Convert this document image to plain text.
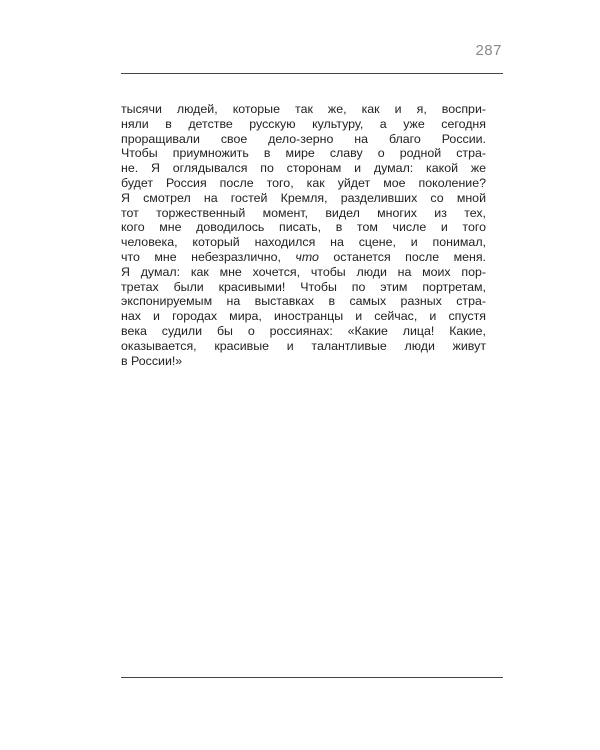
287
тысячи людей, которые так же, как и я, воспри-
няли в детстве русскую культуру, а уже сегодня
проращивали свое дело-зерно на благо России.
Чтобы приумножить в мире славу о родной стра-
не. Я оглядывался по сторонам и думал: какой же
будет Россия после того, как уйдет мое поколение?
Я смотрел на гостей Кремля, разделивших со мной
тот торжественный момент, видел многих из тех,
кого мне доводилось писать, в том числе и того
человека, который находился на сцене, и понимал,
что мне небезразлично, что останется после меня.
Я думал: как мне хочется, чтобы люди на моих пор-
третах были красивыми! Чтобы по этим портретам,
экспонируемым на выставках в самых разных стра-
нах и городах мира, иностранцы и сейчас, и спустя
века судили бы о россиянах: «Какие лица! Какие,
оказывается, красивые и талантливые люди живут
в России!»
